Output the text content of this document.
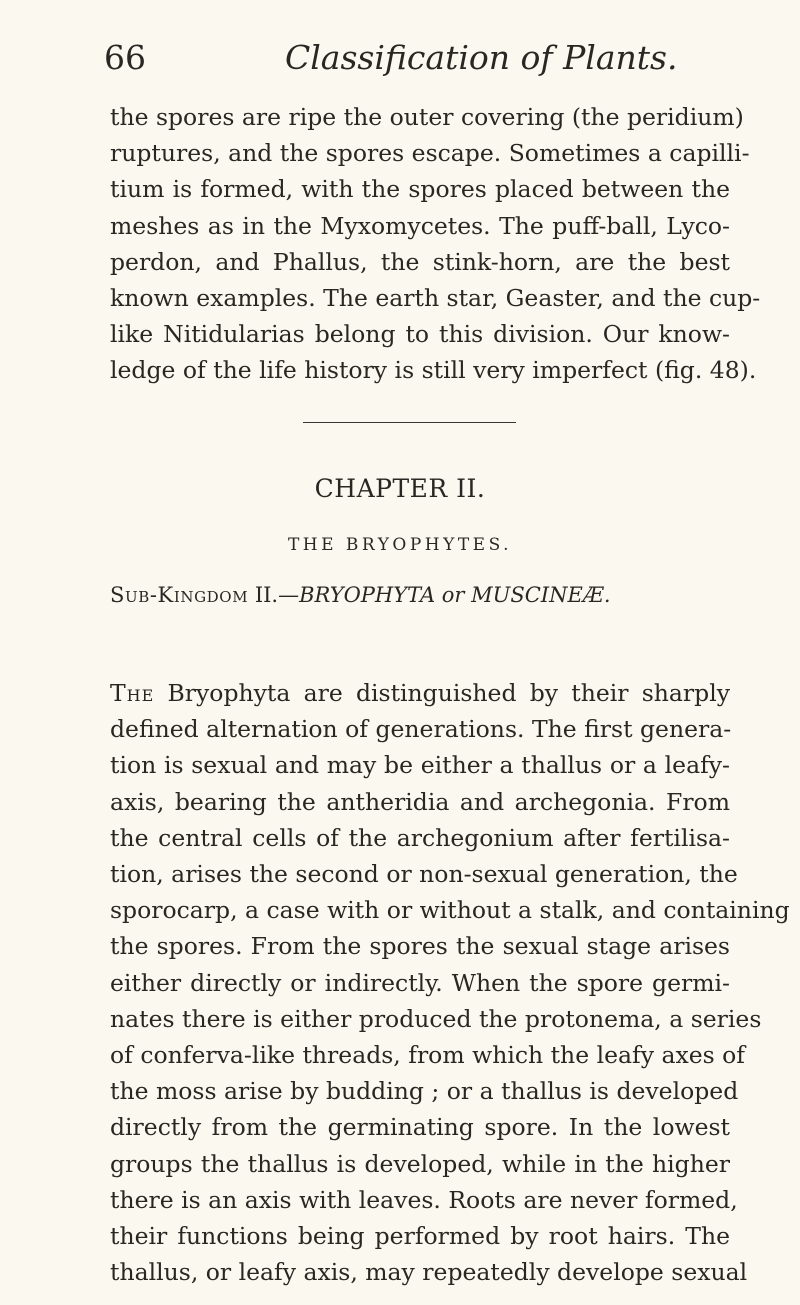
66	Classification of Plants.

the spores are ripe the outer covering (the peridium)
ruptures, and the spores escape. Sometimes a capilli-
tium is formed, with the spores placed between the
meshes as in the Myxomycetes. The puff-ball, Lyco-
perdon, and Phallus, the stink-horn, are the best
known examples. The earth star, Geaster, and the cup-
like Nitidularias belong to this division. Our know-
ledge of the life history is still very imperfect (fig. 48).

CHAPTER II.
THE BRYOPHYTES.
Sub-Kingdom II.—BRYOPHYTA or MUSCINEÆ.

The Bryophyta are distinguished by their sharply
defined alternation of generations. The first genera-
tion is sexual and may be either a thallus or a leafy-
axis, bearing the antheridia and archegonia. From
the central cells of the archegonium after fertilisa-
tion, arises the second or non-sexual generation, the
sporocarp, a case with or without a stalk, and containing
the spores. From the spores the sexual stage arises
either directly or indirectly. When the spore germi-
nates there is either produced the protonema, a series
of conferva-like threads, from which the leafy axes of
the moss arise by budding ; or a thallus is developed
directly from the germinating spore. In the lowest
groups the thallus is developed, while in the higher
there is an axis with leaves. Roots are never formed,
their functions being performed by root hairs. The
thallus, or leafy axis, may repeatedly develope sexual
